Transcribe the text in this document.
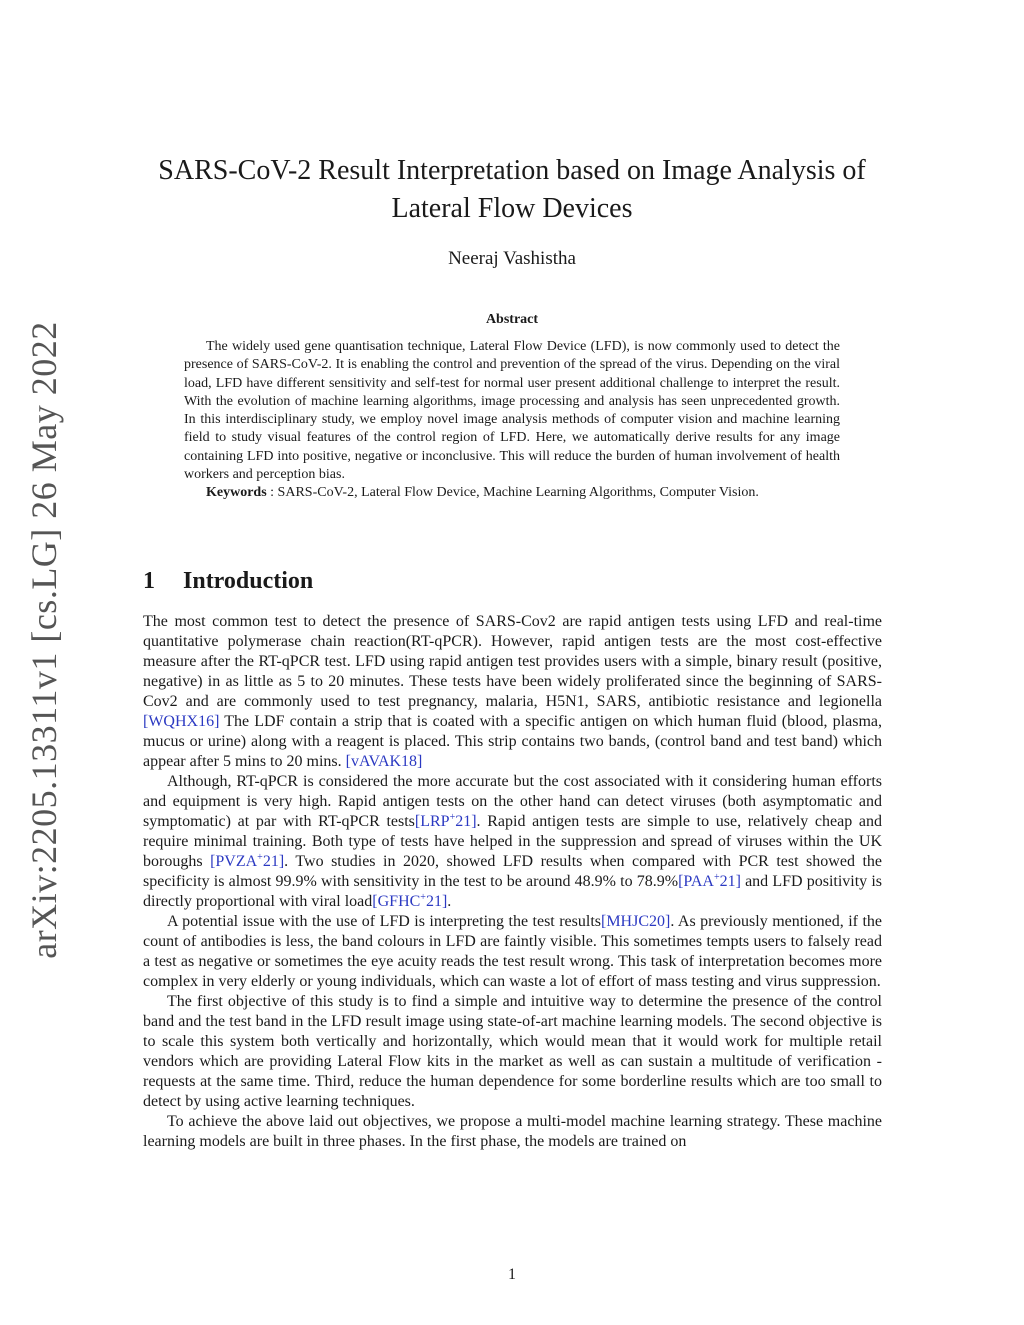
arXiv:2205.13311v1 [cs.LG] 26 May 2022
SARS-CoV-2 Result Interpretation based on Image Analysis of
Lateral Flow Devices
Neeraj Vashistha
Abstract

The widely used gene quantisation technique, Lateral Flow Device (LFD), is now commonly used to detect the presence of SARS-CoV-2. It is enabling the control and prevention of the spread of the virus. Depending on the viral load, LFD have different sensitivity and self-test for normal user present additional challenge to interpret the result. With the evolution of machine learning algorithms, image processing and analysis has seen unprecedented growth. In this interdisciplinary study, we employ novel image analysis methods of computer vision and machine learning field to study visual features of the control region of LFD. Here, we automatically derive results for any image containing LFD into positive, negative or inconclusive. This will reduce the burden of human involvement of health workers and perception bias.

Keywords : SARS-CoV-2, Lateral Flow Device, Machine Learning Algorithms, Computer Vision.

1 Introduction

The most common test to detect the presence of SARS-Cov2 are rapid antigen tests using LFD and real-time quantitative polymerase chain reaction(RT-qPCR). However, rapid antigen tests are the most cost-effective measure after the RT-qPCR test. LFD using rapid antigen test provides users with a simple, binary result (positive, negative) in as little as 5 to 20 minutes. These tests have been widely proliferated since the beginning of SARS-Cov2 and are commonly used to test pregnancy, malaria, H5N1, SARS, antibiotic resistance and legionella [WQHX16] The LDF contain a strip that is coated with a specific antigen on which human fluid (blood, plasma, mucus or urine) along with a reagent is placed. This strip contains two bands, (control band and test band) which appear after 5 mins to 20 mins. [vAVAK18]

Although, RT-qPCR is considered the more accurate but the cost associated with it considering human efforts and equipment is very high. Rapid antigen tests on the other hand can detect viruses (both asymptomatic and symptomatic) at par with RT-qPCR tests[LRP+21]. Rapid antigen tests are simple to use, relatively cheap and require minimal training. Both type of tests have helped in the suppression and spread of viruses within the UK boroughs [PVZA+21]. Two studies in 2020, showed LFD results when compared with PCR test showed the specificity is almost 99.9% with sensitivity in the test to be around 48.9% to 78.9%[PAA+21] and LFD positivity is directly proportional with viral load[GFHC+21].

A potential issue with the use of LFD is interpreting the test results[MHJC20]. As previously mentioned, if the count of antibodies is less, the band colours in LFD are faintly visible. This sometimes tempts users to falsely read a test as negative or sometimes the eye acuity reads the test result wrong. This task of interpretation becomes more complex in very elderly or young individuals, which can waste a lot of effort of mass testing and virus suppression.

The first objective of this study is to find a simple and intuitive way to determine the presence of the control band and the test band in the LFD result image using state-of-art machine learning models. The second objective is to scale this system both vertically and horizontally, which would mean that it would work for multiple retail vendors which are providing Lateral Flow kits in the market as well as can sustain a multitude of verification -requests at the same time. Third, reduce the human dependence for some borderline results which are too small to detect by using active learning techniques.

To achieve the above laid out objectives, we propose a multi-model machine learning strategy. These machine learning models are built in three phases. In the first phase, the models are trained on

1
